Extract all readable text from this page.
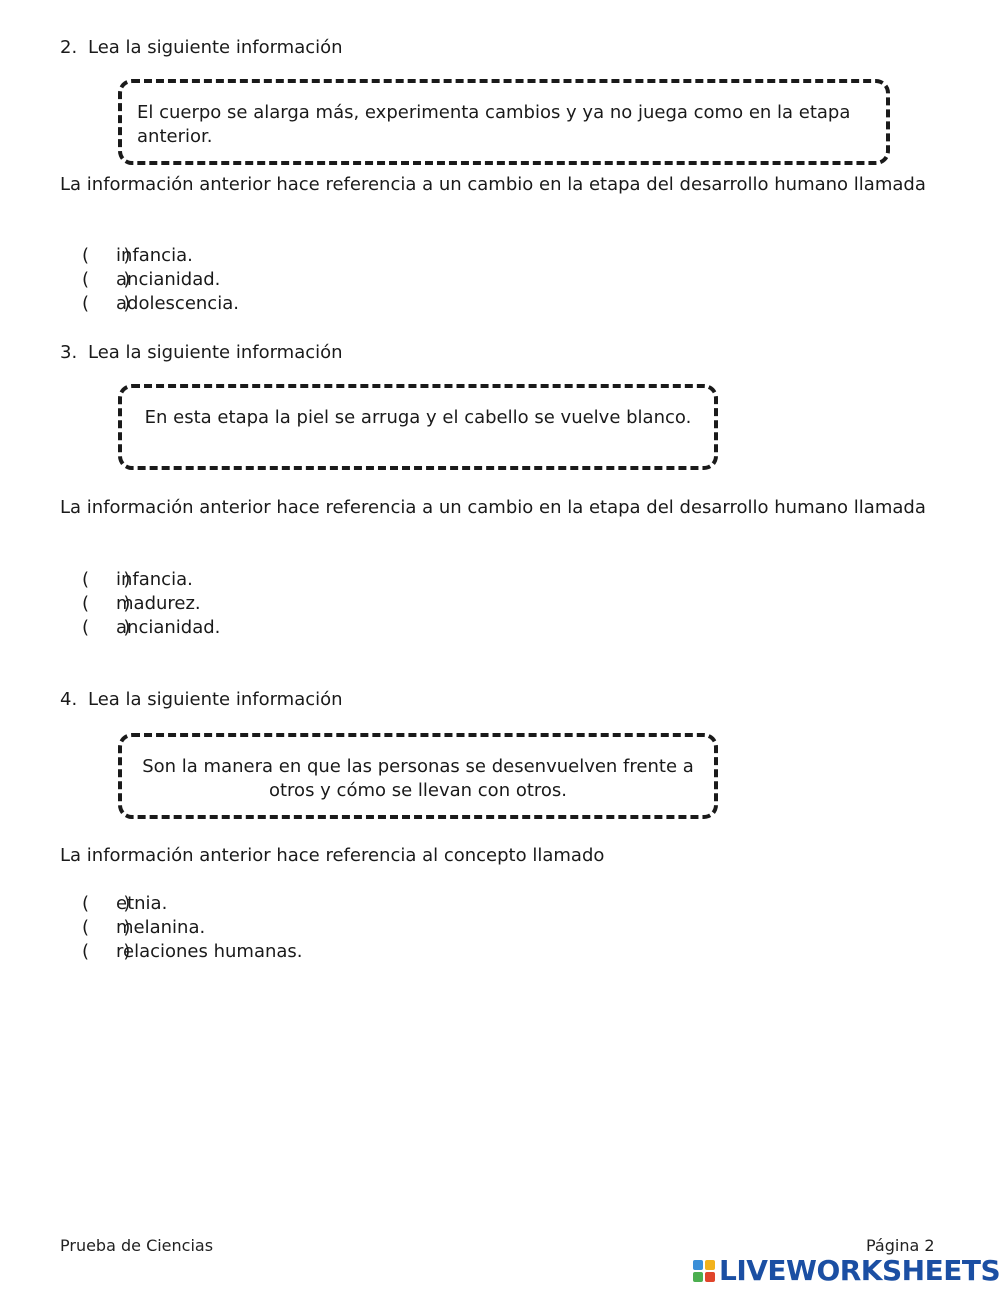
2. Lea la siguiente información
El cuerpo se alarga más, experimenta cambios y ya no juega como en la etapa anterior.
La información anterior hace referencia a un cambio en la etapa del desarrollo humano llamada
(      )
infancia.
(      )
ancianidad.
(      )
adolescencia.
3. Lea la siguiente información
En esta etapa la piel se arruga y el cabello se vuelve blanco.
La información anterior hace referencia a un cambio en la etapa del desarrollo humano llamada
(      )
infancia.
(      )
madurez.
(      )
ancianidad.
4. Lea la siguiente información
Son la manera en que las personas se desenvuelven frente a otros y cómo se llevan con otros.
La información anterior hace referencia al concepto llamado
(      )
etnia.
(      )
melanina.
(      )
relaciones humanas.
Prueba de Ciencias	Página 2
LIVEWORKSHEETS
